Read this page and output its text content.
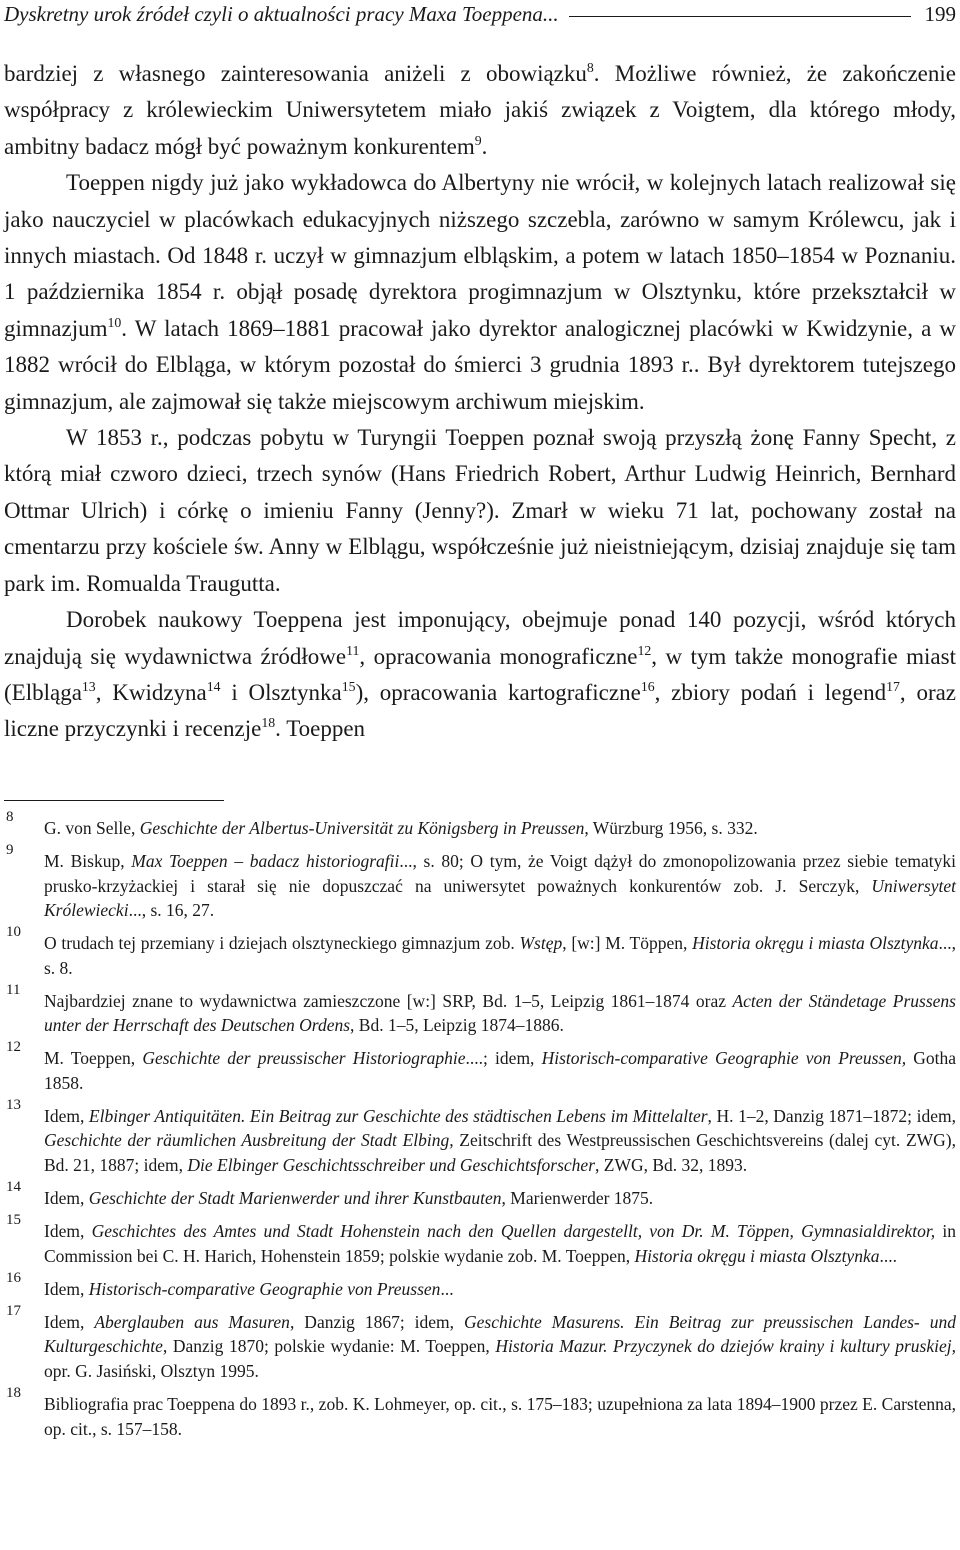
Dyskretny urok źródeł czyli o aktualności pracy Maxa Toeppena...	199

bardziej z własnego zainteresowania aniżeli z obowiązku$^8$. Możliwe również, że zakończenie współpracy z królewieckim Uniwersytetem miało jakiś związek z Voigtem, dla którego młody, ambitny badacz mógł być poważnym konkurentem$^9$.

Toeppen nigdy już jako wykładowca do Albertyny nie wrócił, w kolejnych latach realizował się jako nauczyciel w placówkach edukacyjnych niższego szczebla, zarówno w samym Królewcu, jak i innych miastach. Od 1848 r. uczył w gimnazjum elbląskim, a potem w latach 1850–1854 w Poznaniu. 1 października 1854 r. objął posadę dyrektora progimnazjum w Olsztynku, które przekształcił w gimnazjum$^{10}$. W latach 1869–1881 pracował jako dyrektor analogicznej placówki w Kwidzynie, a w 1882 wrócił do Elbląga, w którym pozostał do śmierci 3 grudnia 1893 r.. Był dyrektorem tutejszego gimnazjum, ale zajmował się także miejscowym archiwum miejskim.

W 1853 r., podczas pobytu w Turyngii Toeppen poznał swoją przyszłą żonę Fanny Specht, z którą miał czworo dzieci, trzech synów (Hans Friedrich Robert, Arthur Ludwig Heinrich, Bernhard Ottmar Ulrich) i córkę o imieniu Fanny (Jenny?). Zmarł w wieku 71 lat, pochowany został na cmentarzu przy kościele św. Anny w Elblągu, współcześnie już nieistniejącym, dzisiaj znajduje się tam park im. Romualda Traugutta.

Dorobek naukowy Toeppena jest imponujący, obejmuje ponad 140 pozycji, wśród których znajdują się wydawnictwa źródłowe$^{11}$, opracowania monograficzne$^{12}$, w tym także monografie miast (Elbląga$^{13}$, Kwidzyna$^{14}$ i Olsztynka$^{15}$), opracowania kartograficzne$^{16}$, zbiory podań i legend$^{17}$, oraz liczne przyczynki i recenzje$^{18}$. Toeppen

8
G. von Selle, Geschichte der Albertus-Universität zu Königsberg in Preussen, Würzburg 1956, s. 332.
9
M. Biskup, Max Toeppen – badacz historiografii..., s. 80; O tym, że Voigt dążył do zmonopolizowania przez siebie tematyki prusko-krzyżackiej i starał się nie dopuszczać na uniwersytet poważnych konkurentów zob. J. Serczyk, Uniwersytet Królewiecki..., s. 16, 27.
10
O trudach tej przemiany i dziejach olsztyneckiego gimnazjum zob. Wstęp, [w:] M. Töppen, Historia okręgu i miasta Olsztynka..., s. 8.
11
Najbardziej znane to wydawnictwa zamieszczone [w:] SRP, Bd. 1–5, Leipzig 1861–1874 oraz Acten der Ständetage Prussens unter der Herrschaft des Deutschen Ordens, Bd. 1–5, Leipzig 1874–1886.
12
M. Toeppen, Geschichte der preussischer Historiographie....; idem, Historisch-comparative Geographie von Preussen, Gotha 1858.
13
Idem, Elbinger Antiquitäten. Ein Beitrag zur Geschichte des städtischen Lebens im Mittelalter, H. 1–2, Danzig 1871–1872; idem, Geschichte der räumlichen Ausbreitung der Stadt Elbing, Zeitschrift des Westpreussischen Geschichtsvereins (dalej cyt. ZWG), Bd. 21, 1887; idem, Die Elbinger Geschichtsschreiber und Geschichtsforscher, ZWG, Bd. 32, 1893.
14
Idem, Geschichte der Stadt Marienwerder und ihrer Kunstbauten, Marienwerder 1875.
15
Idem, Geschichtes des Amtes und Stadt Hohenstein nach den Quellen dargestellt, von Dr. M. Töppen, Gymnasialdirektor, in Commission bei C. H. Harich, Hohenstein 1859; polskie wydanie zob. M. Toeppen, Historia okręgu i miasta Olsztynka....
16
Idem, Historisch-comparative Geographie von Preussen...
17
Idem, Aberglauben aus Masuren, Danzig 1867; idem, Geschichte Masurens. Ein Beitrag zur preussischen Landes- und Kulturgeschichte, Danzig 1870; polskie wydanie: M. Toeppen, Historia Mazur. Przyczynek do dziejów krainy i kultury pruskiej, opr. G. Jasiński, Olsztyn 1995.
18
Bibliografia prac Toeppena do 1893 r., zob. K. Lohmeyer, op. cit., s. 175–183; uzupełniona za lata 1894–1900 przez E. Carstenna, op. cit., s. 157–158.
